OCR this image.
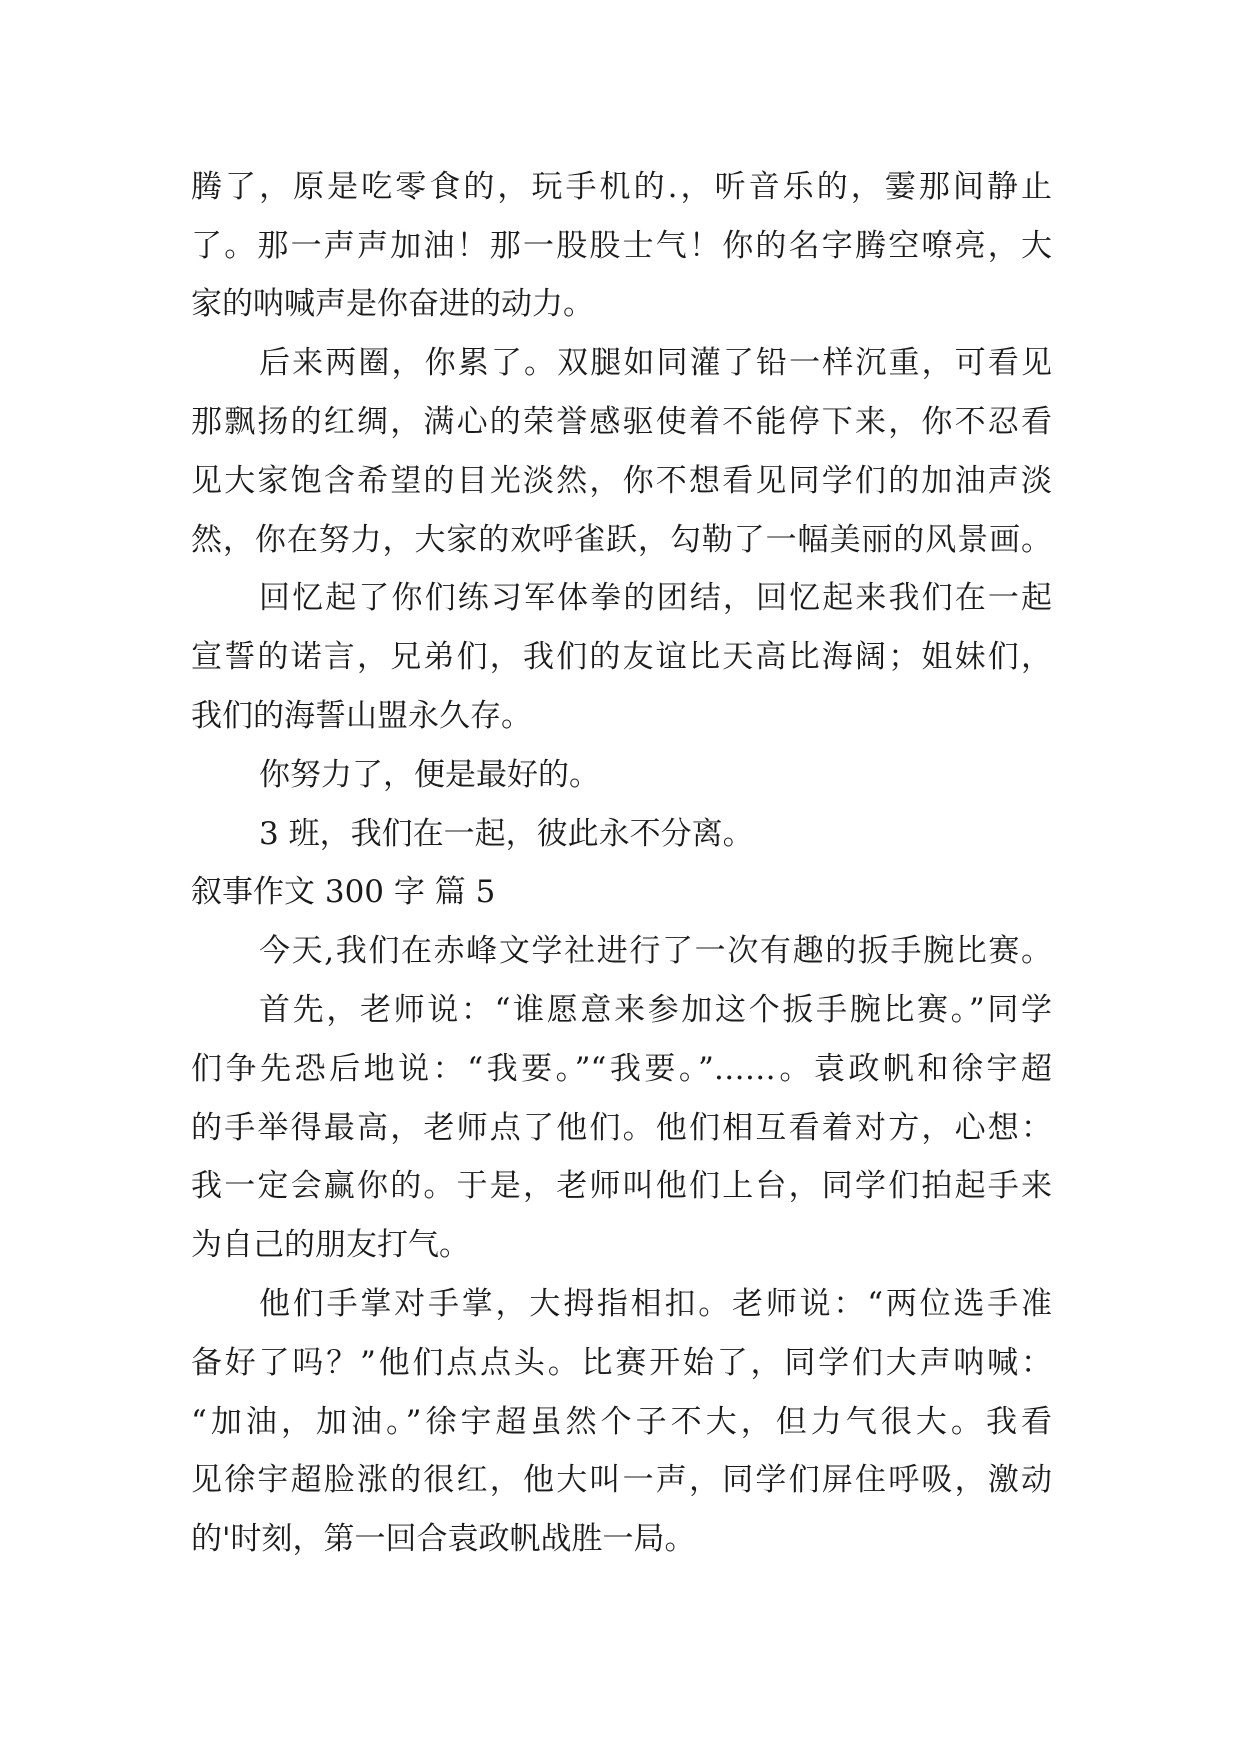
腾了，原是吃零食的，玩手机的.，听音乐的，霎那间静止
了。那一声声加油！那一股股士气！你的名字腾空嘹亮，大
家的呐喊声是你奋进的动力。
后来两圈，你累了。双腿如同灌了铅一样沉重，可看见
那飘扬的红绸，满心的荣誉感驱使着不能停下来，你不忍看
见大家饱含希望的目光淡然，你不想看见同学们的加油声淡
然，你在努力，大家的欢呼雀跃，勾勒了一幅美丽的风景画。
回忆起了你们练习军体拳的团结，回忆起来我们在一起
宣誓的诺言，兄弟们，我们的友谊比天高比海阔；姐妹们，
我们的海誓山盟永久存。
你努力了，便是最好的。
3 班，我们在一起，彼此永不分离。
叙事作文 300 字 篇 5
今天,我们在赤峰文学社进行了一次有趣的扳手腕比赛。
首先，老师说：“谁愿意来参加这个扳手腕比赛。”同学
们争先恐后地说：“我要。”“我要。”……。袁政帆和徐宇超
的手举得最高，老师点了他们。他们相互看着对方，心想：
我一定会赢你的。于是，老师叫他们上台，同学们拍起手来
为自己的朋友打气。
他们手掌对手掌，大拇指相扣。老师说：“两位选手准
备好了吗？”他们点点头。比赛开始了，同学们大声呐喊：
“加油，加油。”徐宇超虽然个子不大，但力气很大。我看
见徐宇超脸涨的很红，他大叫一声，同学们屏住呼吸，激动
的'时刻，第一回合袁政帆战胜一局。
